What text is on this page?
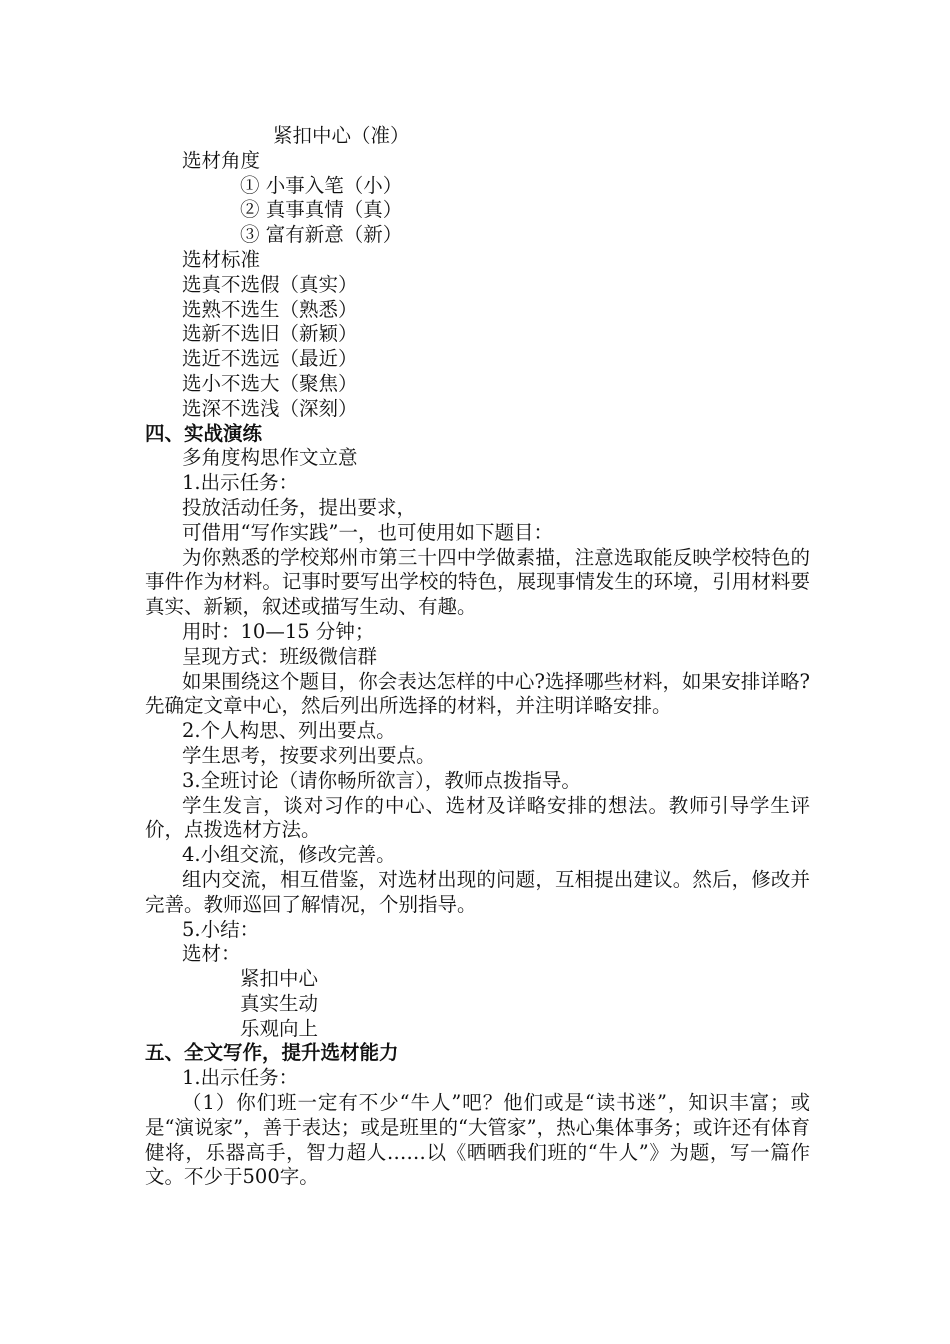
紧扣中心（准）

选材角度

① 小事入笔（小）

② 真事真情（真）

③ 富有新意（新）

选材标准

选真不选假（真实）

选熟不选生（熟悉）

选新不选旧（新颖）

选近不选远（最近）

选小不选大（聚焦）

选深不选浅（深刻）

四、实战演练

多角度构思作文立意

1.出示任务：

投放活动任务，提出要求，

可借用“写作实践”一，也可使用如下题目：

为你熟悉的学校郑州市第三十四中学做素描，注意选取能反映学校特色的事件作为材料。记事时要写出学校的特色，展现事情发生的环境，引用材料要真实、新颖，叙述或描写生动、有趣。

用时：10—15 分钟；

呈现方式：班级微信群

如果围绕这个题目，你会表达怎样的中心?选择哪些材料，如果安排详略?先确定文章中心，然后列出所选择的材料，并注明详略安排。

2.个人构思、列出要点。

学生思考，按要求列出要点。

3.全班讨论（请你畅所欲言），教师点拨指导。

学生发言，谈对习作的中心、选材及详略安排的想法。教师引导学生评价，点拨选材方法。

4.小组交流，修改完善。

组内交流，相互借鉴，对选材出现的问题，互相提出建议。然后，修改并完善。教师巡回了解情况，个别指导。

5.小结：

选材：

紧扣中心

真实生动

乐观向上

五、全文写作，提升选材能力

1.出示任务：

（1）你们班一定有不少“牛人”吧？他们或是“读书迷”，知识丰富；或是“演说家”，善于表达；或是班里的“大管家”，热心集体事务；或许还有体育健将，乐器高手，智力超人……以《晒晒我们班的“牛人”》为题，写一篇作文。不少于500字。
